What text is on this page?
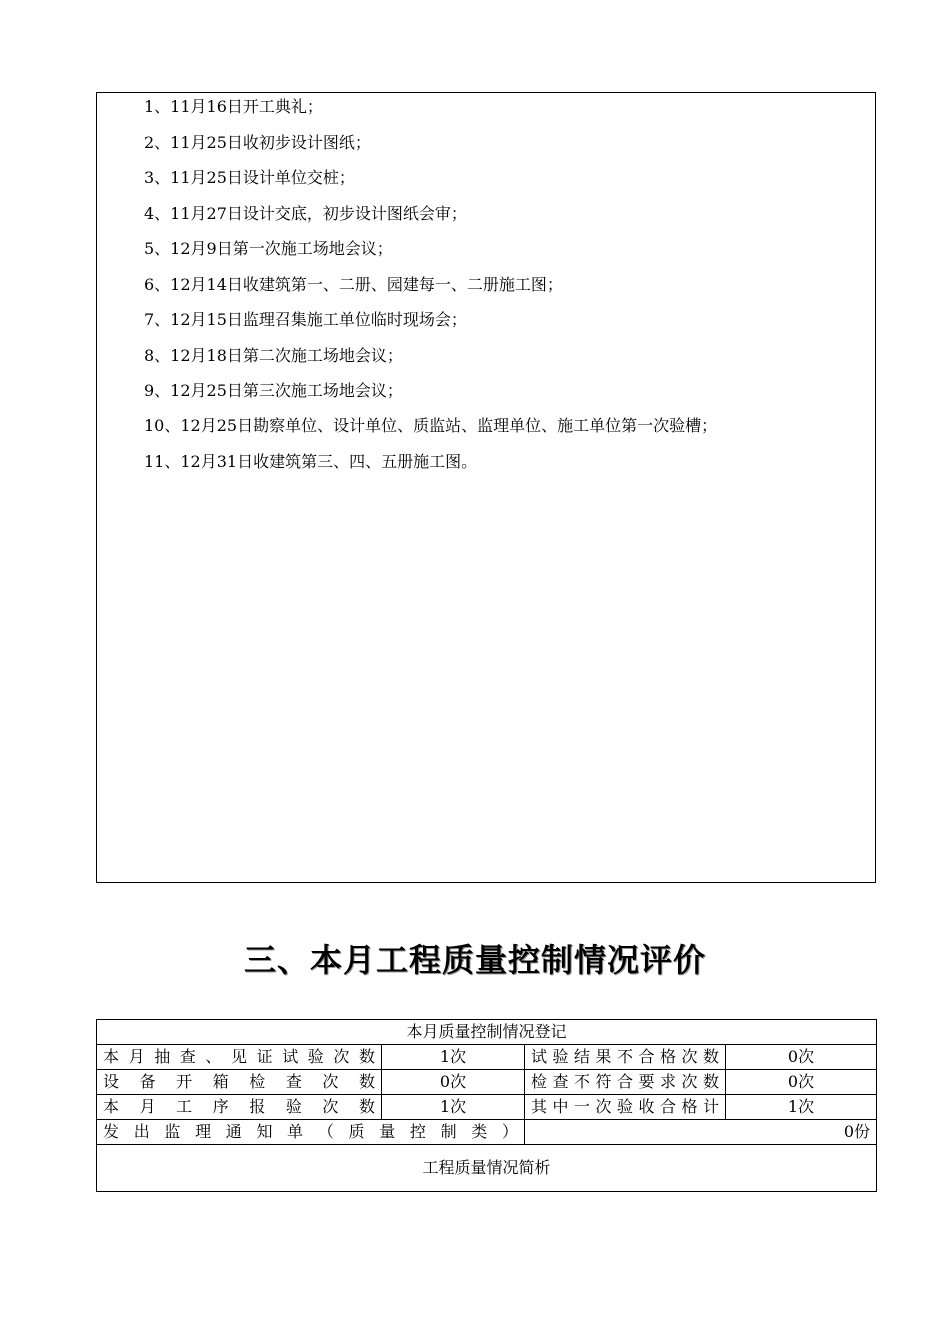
1、11月16日开工典礼；
2、11月25日收初步设计图纸；
3、11月25日设计单位交桩；
4、11月27日设计交底，初步设计图纸会审；
5、12月9日第一次施工场地会议；
6、12月14日收建筑第一、二册、园建每一、二册施工图；
7、12月15日监理召集施工单位临时现场会；
8、12月18日第二次施工场地会议；
9、12月25日第三次施工场地会议；
10、12月25日勘察单位、设计单位、质监站、监理单位、施工单位第一次验槽；
11、12月31日收建筑第三、四、五册施工图。
三、本月工程质量控制情况评价
本月质量控制情况登记			
本月抽查、见证试验次数	1次	试验结果不合格次数	0次
设备开箱检查次数	0次	检查不符合要求次数	0次
本月工序报验次数	1次	其中一次验收合格计	1次
发出监理通知单（质量控制类）		0份	
工程质量情况简析			
